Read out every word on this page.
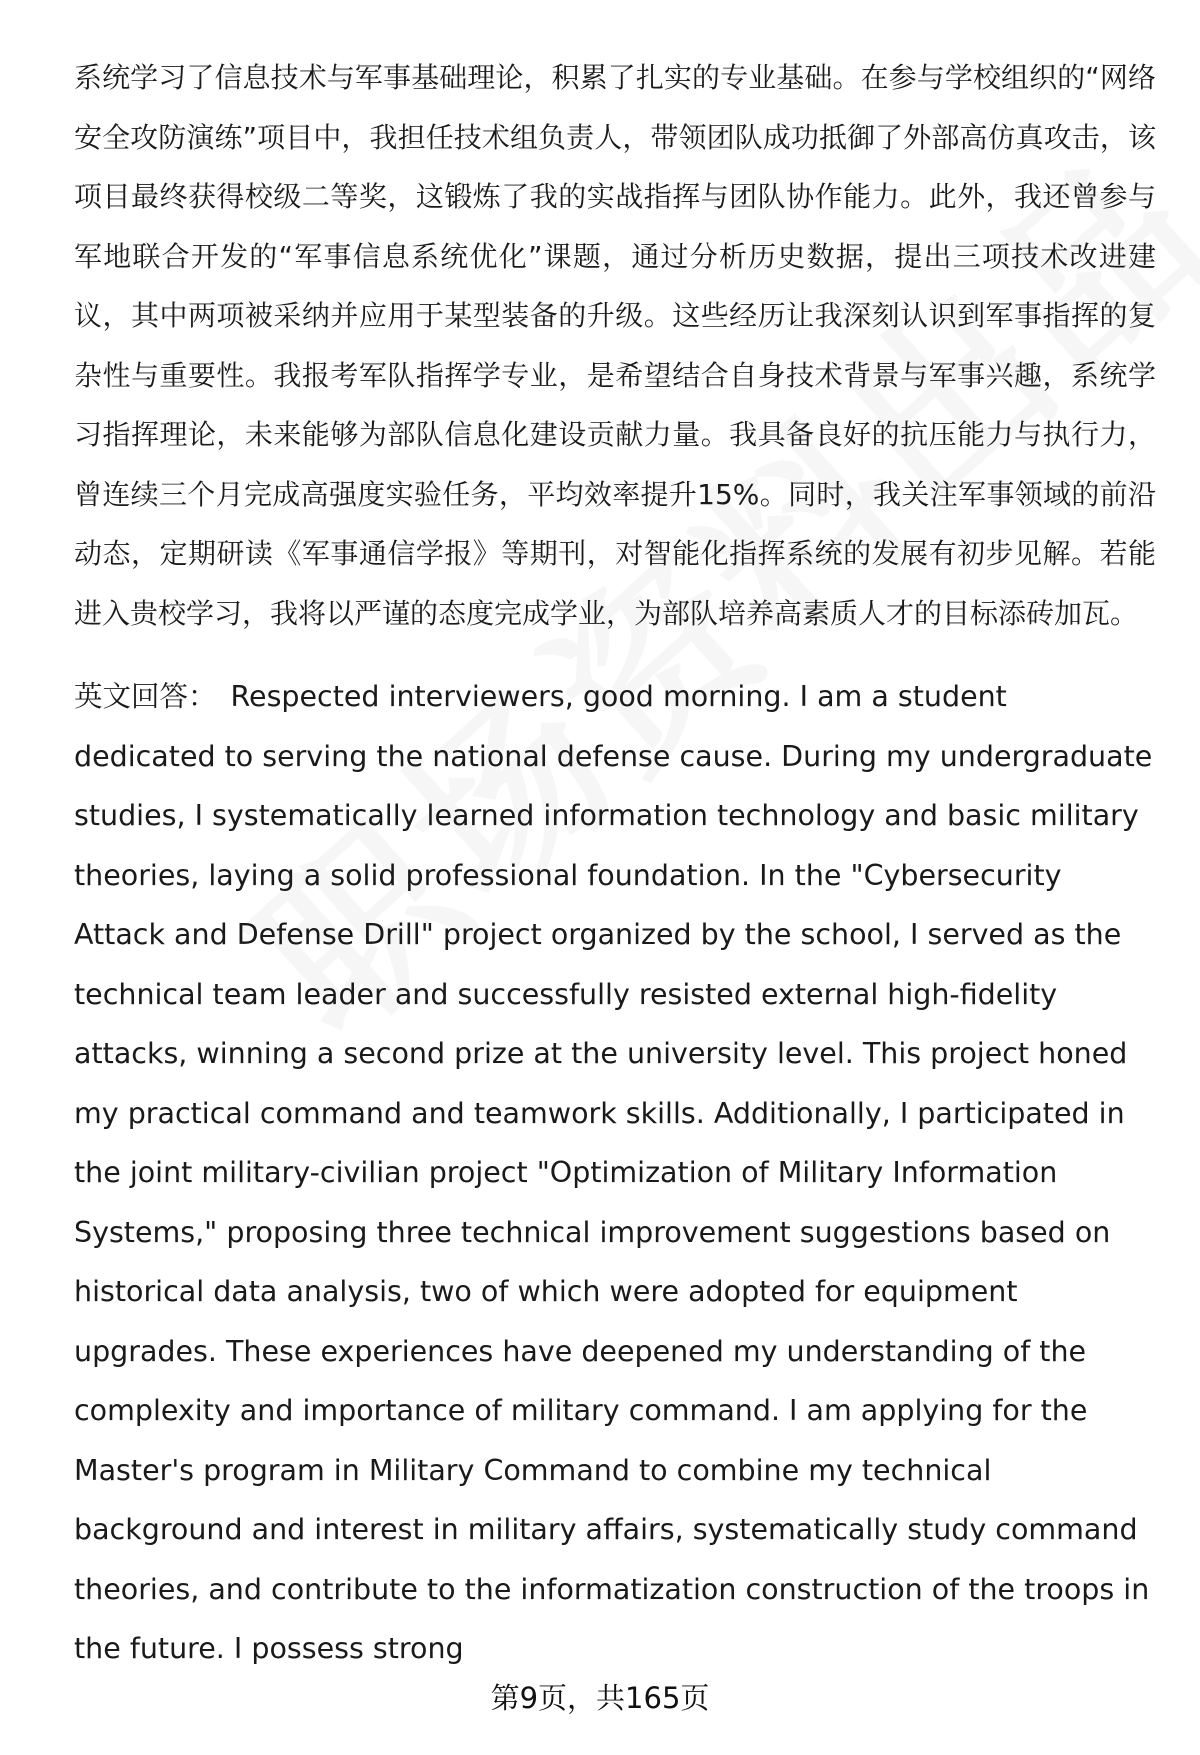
系统学习了信息技术与军事基础理论，积累了扎实的专业基础。在参与学校组织的“网络安全攻防演练”项目中，我担任技术组负责人，带领团队成功抵御了外部高仿真攻击，该项目最终获得校级二等奖，这锻炼了我的实战指挥与团队协作能力。此外，我还曾参与军地联合开发的“军事信息系统优化”课题，通过分析历史数据，提出三项技术改进建议，其中两项被采纳并应用于某型装备的升级。这些经历让我深刻认识到军事指挥的复杂性与重要性。我报考军队指挥学专业，是希望结合自身技术背景与军事兴趣，系统学习指挥理论，未来能够为部队信息化建设贡献力量。我具备良好的抗压能力与执行力，曾连续三个月完成高强度实验任务，平均效率提升15%。同时，我关注军事领域的前沿动态，定期研读《军事通信学报》等期刊，对智能化指挥系统的发展有初步见解。若能进入贵校学习，我将以严谨的态度完成学业，为部队培养高素质人才的目标添砖加瓦。

英文回答： Respected interviewers, good morning. I am a student dedicated to serving the national defense cause. During my undergraduate studies, I systematically learned information technology and basic military theories, laying a solid professional foundation. In the "Cybersecurity Attack and Defense Drill" project organized by the school, I served as the technical team leader and successfully resisted external high-fidelity attacks, winning a second prize at the university level. This project honed my practical command and teamwork skills. Additionally, I participated in the joint military-civilian project "Optimization of Military Information Systems," proposing three technical improvement suggestions based on historical data analysis, two of which were adopted for equipment upgrades. These experiences have deepened my understanding of the complexity and importance of military command. I am applying for the Master's program in Military Command to combine my technical background and interest in military affairs, systematically study command theories, and contribute to the informatization construction of the troops in the future. I possess strong

第9页，共165页
